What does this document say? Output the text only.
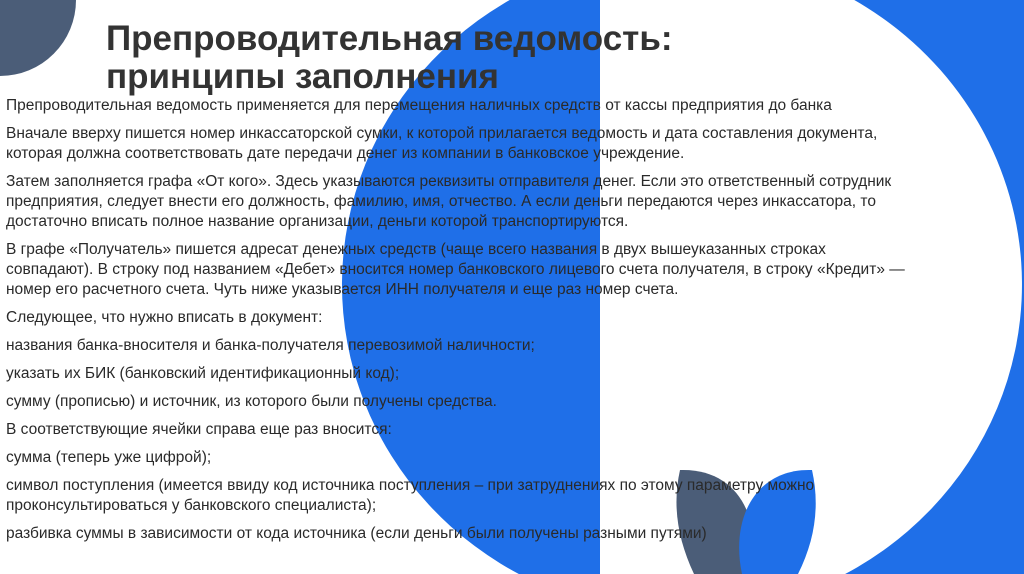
Препроводительная ведомость:
принципы заполнения

Препроводительная ведомость применяется для перемещения наличных средств от кассы предприятия до банка

Вначале вверху пишется номер инкассаторской сумки, к которой прилагается ведомость и дата составления документа,
которая должна соответствовать дате передачи денег из компании в банковское учреждение.

Затем заполняется графа «От кого». Здесь указываются реквизиты отправителя денег. Если это ответственный сотрудник
предприятия, следует внести его должность, фамилию, имя, отчество. А если деньги передаются через инкассатора, то
достаточно вписать полное название организации, деньги которой транспортируются.

В графе «Получатель» пишется адресат денежных средств (чаще всего названия в двух вышеуказанных строках
совпадают). В строку под названием «Дебет» вносится номер банковского лицевого счета получателя, в строку «Кредит» —
номер его расчетного счета. Чуть ниже указывается ИНН получателя и еще раз номер счета.

Следующее, что нужно вписать в документ:

названия банка-вносителя и банка-получателя перевозимой наличности;

указать их БИК (банковский идентификационный код);

сумму (прописью) и источник, из которого были получены средства.

В соответствующие ячейки справа еще раз вносится:

сумма (теперь уже цифрой);

символ поступления (имеется ввиду код источника поступления – при затруднениях по этому параметру можно
проконсультироваться у банковского специалиста);

разбивка суммы в зависимости от кода источника (если деньги были получены разными путями)
